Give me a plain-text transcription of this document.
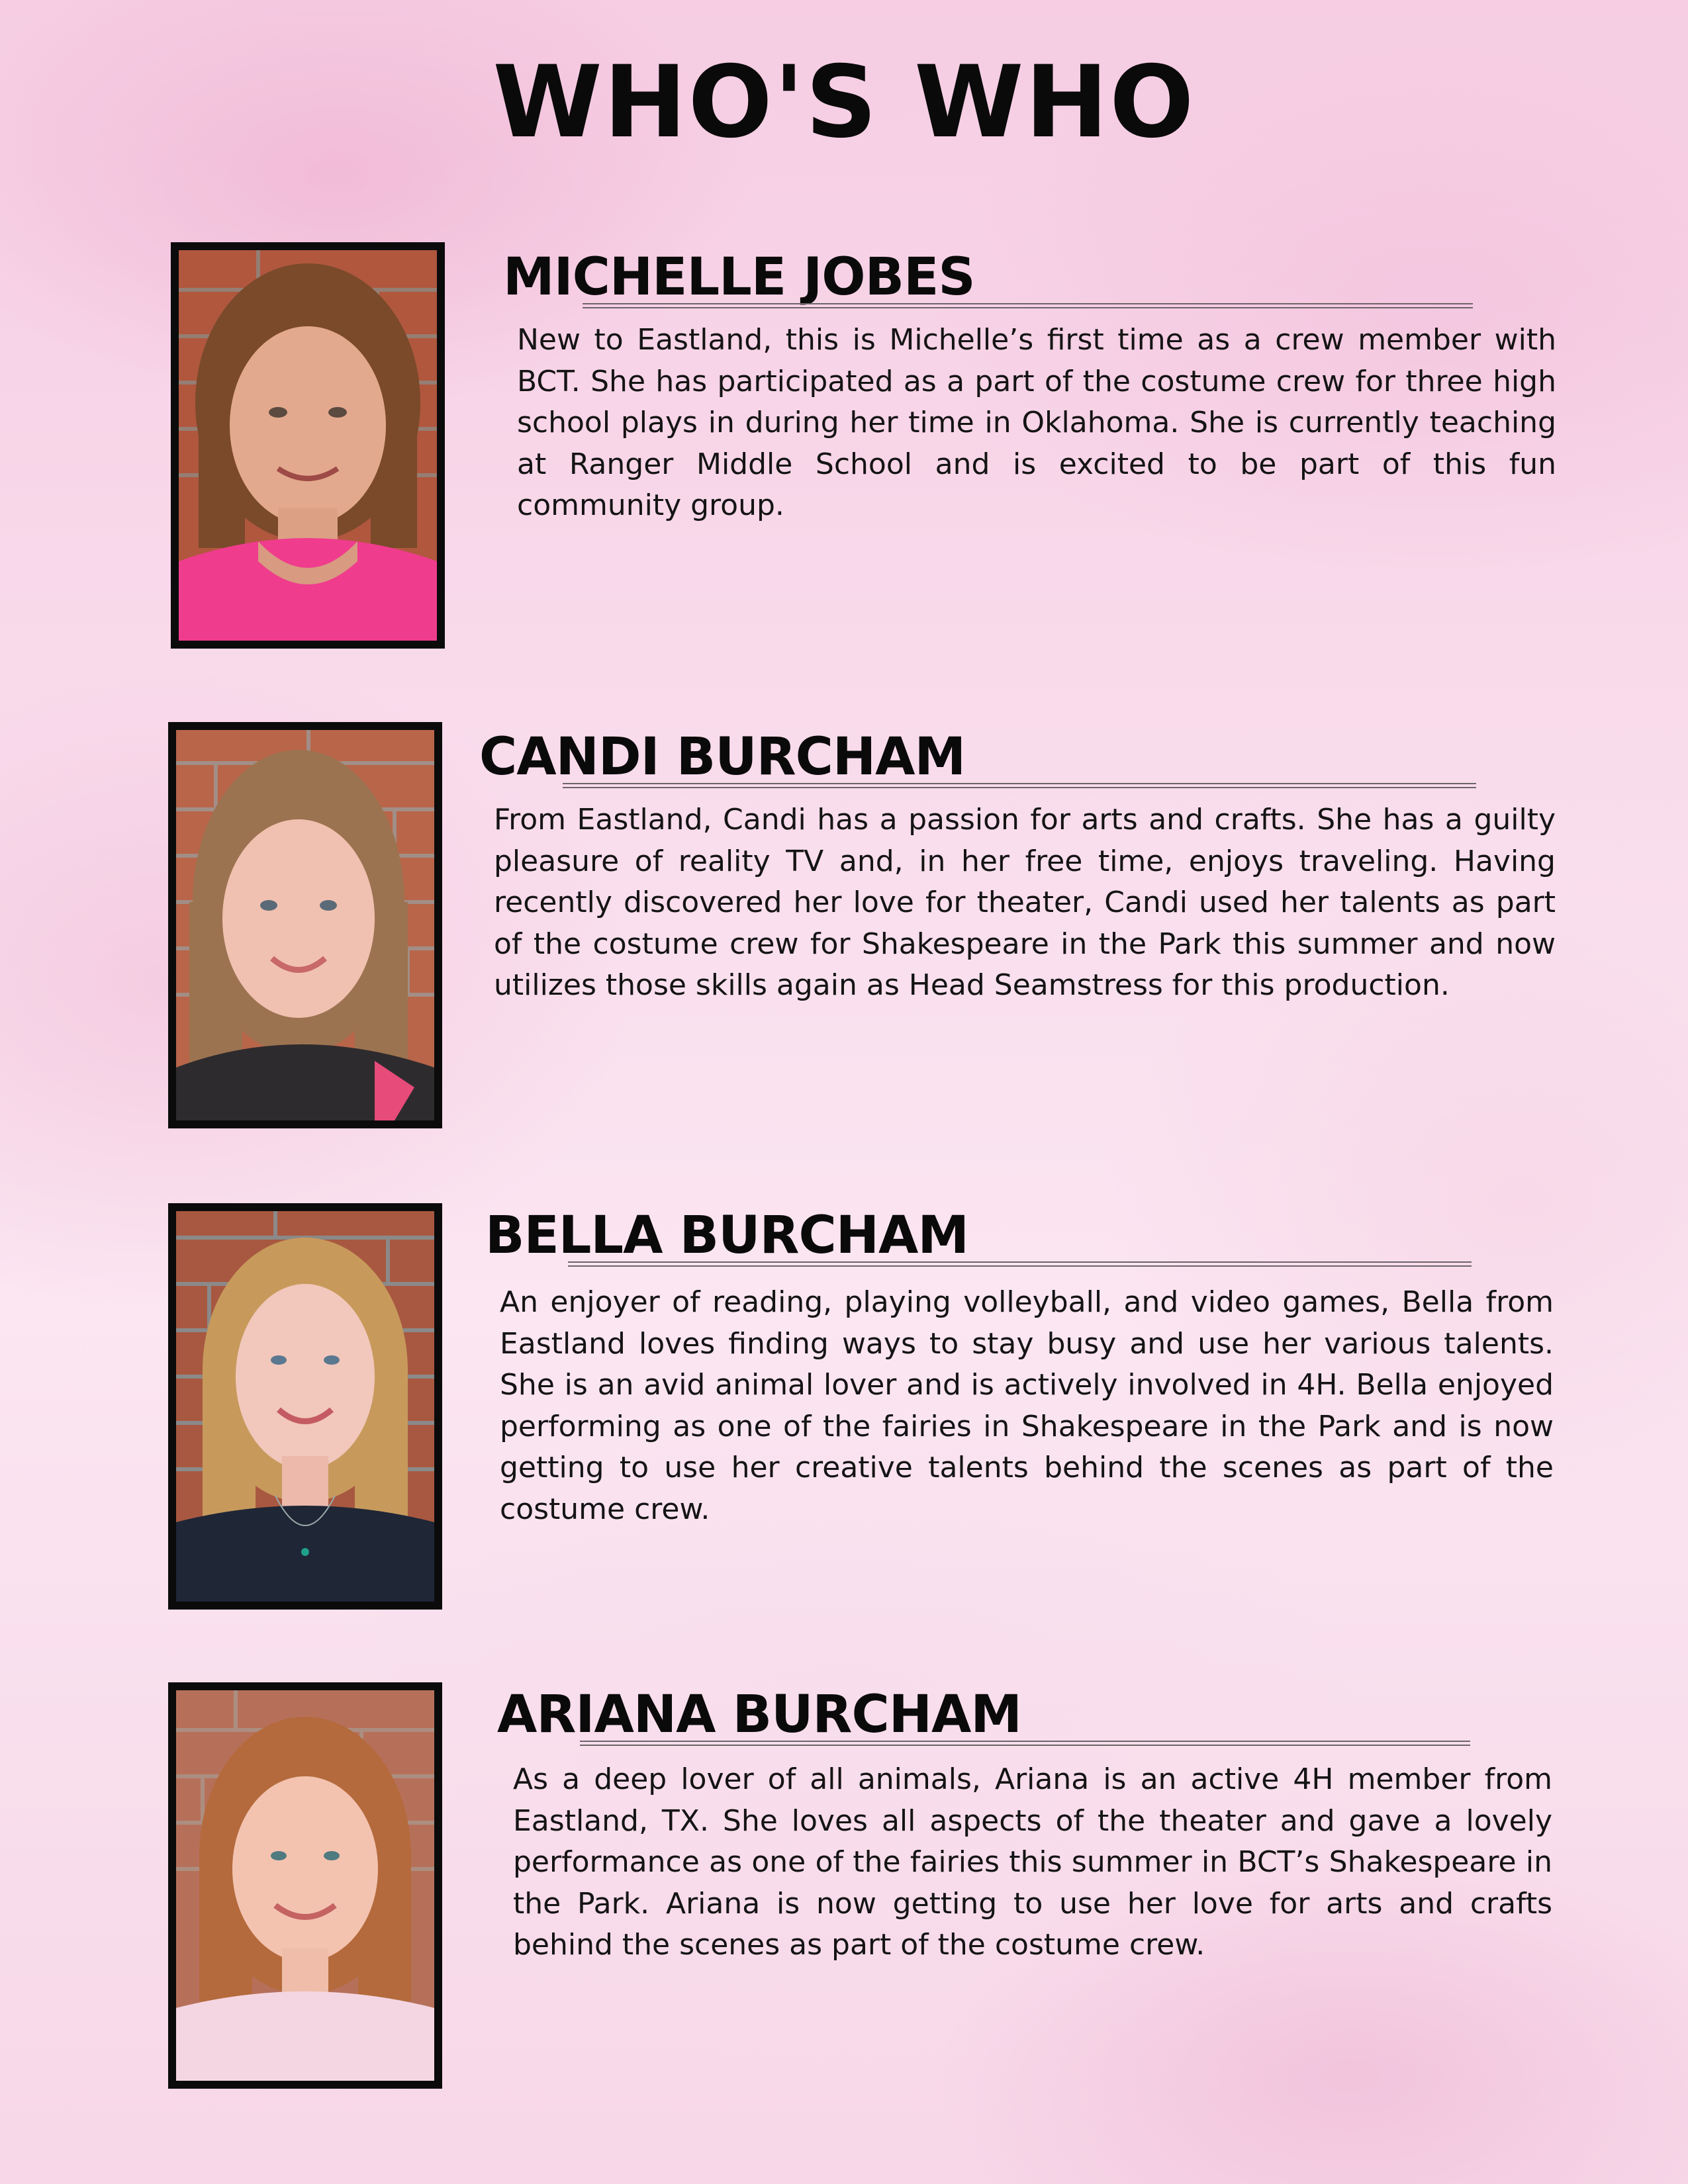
WHO'S WHO
MICHELLE JOBES

New to Eastland, this is Michelle’s first time as a crew member with BCT. She has participated as a part of the costume crew for three high school plays in during her time in Oklahoma. She is currently teaching at Ranger Middle School and is excited to be part of this fun community group.

CANDI BURCHAM

From Eastland, Candi has a passion for arts and crafts. She has a guilty pleasure of reality TV and, in her free time, enjoys traveling. Having recently discovered her love for theater, Candi used her talents as part of the costume crew for Shakespeare in the Park this summer and now utilizes those skills again as Head Seamstress for this production.

BELLA BURCHAM

An enjoyer of reading, playing volleyball, and video games, Bella from Eastland loves finding ways to stay busy and use her various talents. She is an avid animal lover and is actively involved in 4H. Bella enjoyed performing as one of the fairies in Shakespeare in the Park and is now getting to use her creative talents behind the scenes as part of the costume crew.

ARIANA BURCHAM

As a deep lover of all animals, Ariana is an active 4H member from Eastland, TX. She loves all aspects of the theater and gave a lovely performance as one of the fairies this summer in BCT’s Shakespeare in the Park. Ariana is now getting to use her love for arts and crafts behind the scenes as part of the costume crew.
